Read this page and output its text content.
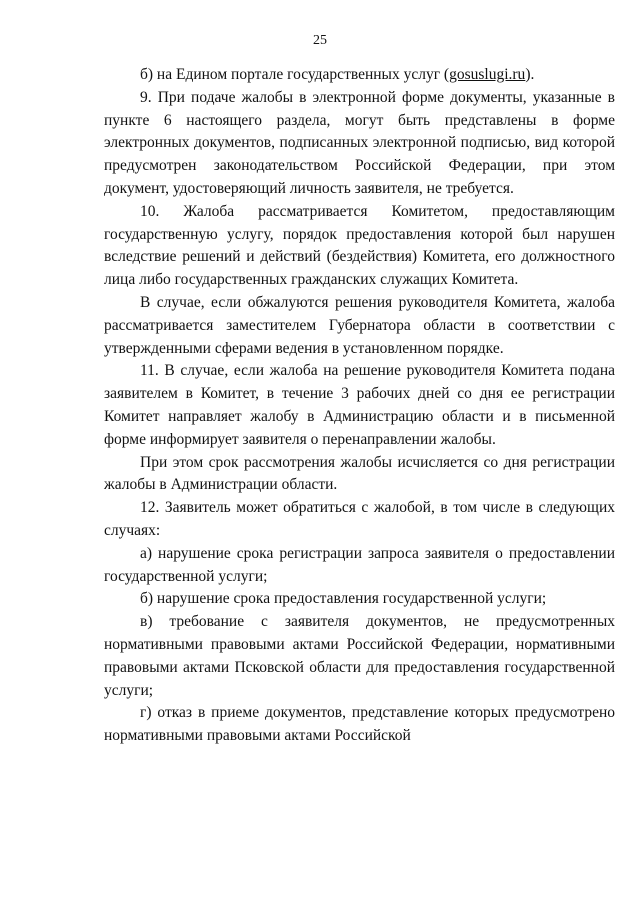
25

б) на Едином портале государственных услуг (gosuslugi.ru).

9. При подаче жалобы в электронной форме документы, указанные в пункте 6 настоящего раздела, могут быть представлены в форме электронных документов, подписанных электронной подписью, вид которой предусмотрен законодательством Российской Федерации, при этом документ, удостоверяющий личность заявителя, не требуется.

10. Жалоба рассматривается Комитетом, предоставляющим государственную услугу, порядок предоставления которой был нарушен вследствие решений и действий (бездействия) Комитета, его должностного лица либо государственных гражданских служащих Комитета.

В случае, если обжалуются решения руководителя Комитета, жалоба рассматривается заместителем Губернатора области в соответствии с утвержденными сферами ведения в установленном порядке.

11. В случае, если жалоба на решение руководителя Комитета подана заявителем в Комитет, в течение 3 рабочих дней со дня ее регистрации Комитет направляет жалобу в Администрацию области и в письменной форме информирует заявителя о перенаправлении жалобы.

При этом срок рассмотрения жалобы исчисляется со дня регистрации жалобы в Администрации области.

12. Заявитель может обратиться с жалобой, в том числе в следующих случаях:

а) нарушение срока регистрации запроса заявителя о предоставлении государственной услуги;

б) нарушение срока предоставления государственной услуги;

в) требование с заявителя документов, не предусмотренных нормативными правовыми актами Российской Федерации, нормативными правовыми актами Псковской области для предоставления государственной услуги;

г) отказ в приеме документов, представление которых предусмотрено нормативными правовыми актами Российской
